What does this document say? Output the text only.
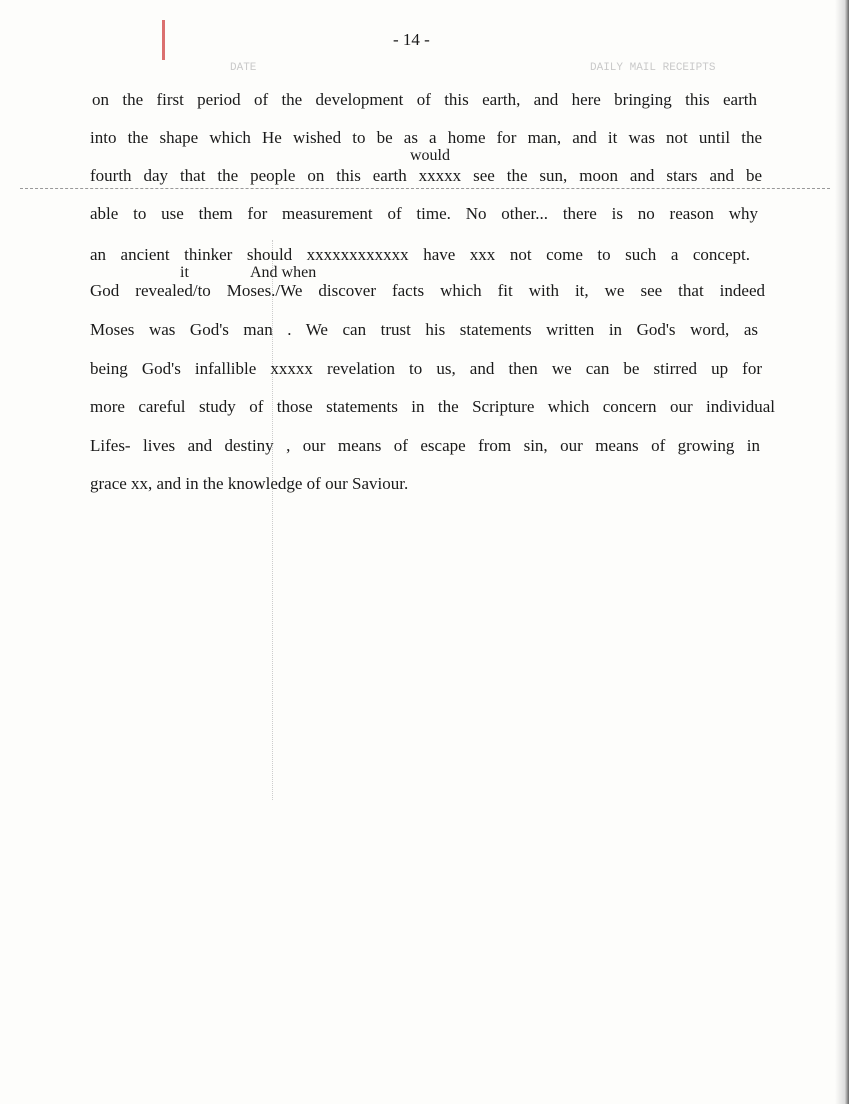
- 14 -
DATE	DAILY MAIL RECEIPTS
on the first period of the development of this earth, and here bringing this earth
into the shape which He wished to be as a home for man, and it was not until the
would
fourth day that the people on this earth xxxxx see the sun, moon and stars and be
able to use them for measurement of time. No other... there is no reason why
an ancient thinker should xxxxxxxxxxxx have xxx not come to such a concept.
it	And when
God revealed/to Moses./We discover facts which fit with it, we see that indeed
Moses was God's man . We can trust his statements written in God's word, as
being God's infallible xxxxx revelation to us, and then we can be stirred up for
more careful study of those statements in the Scripture which concern our individual
Lifes- lives and destiny , our means of escape from sin, our means of growing in
grace xx, and in the knowledge of our Saviour.
